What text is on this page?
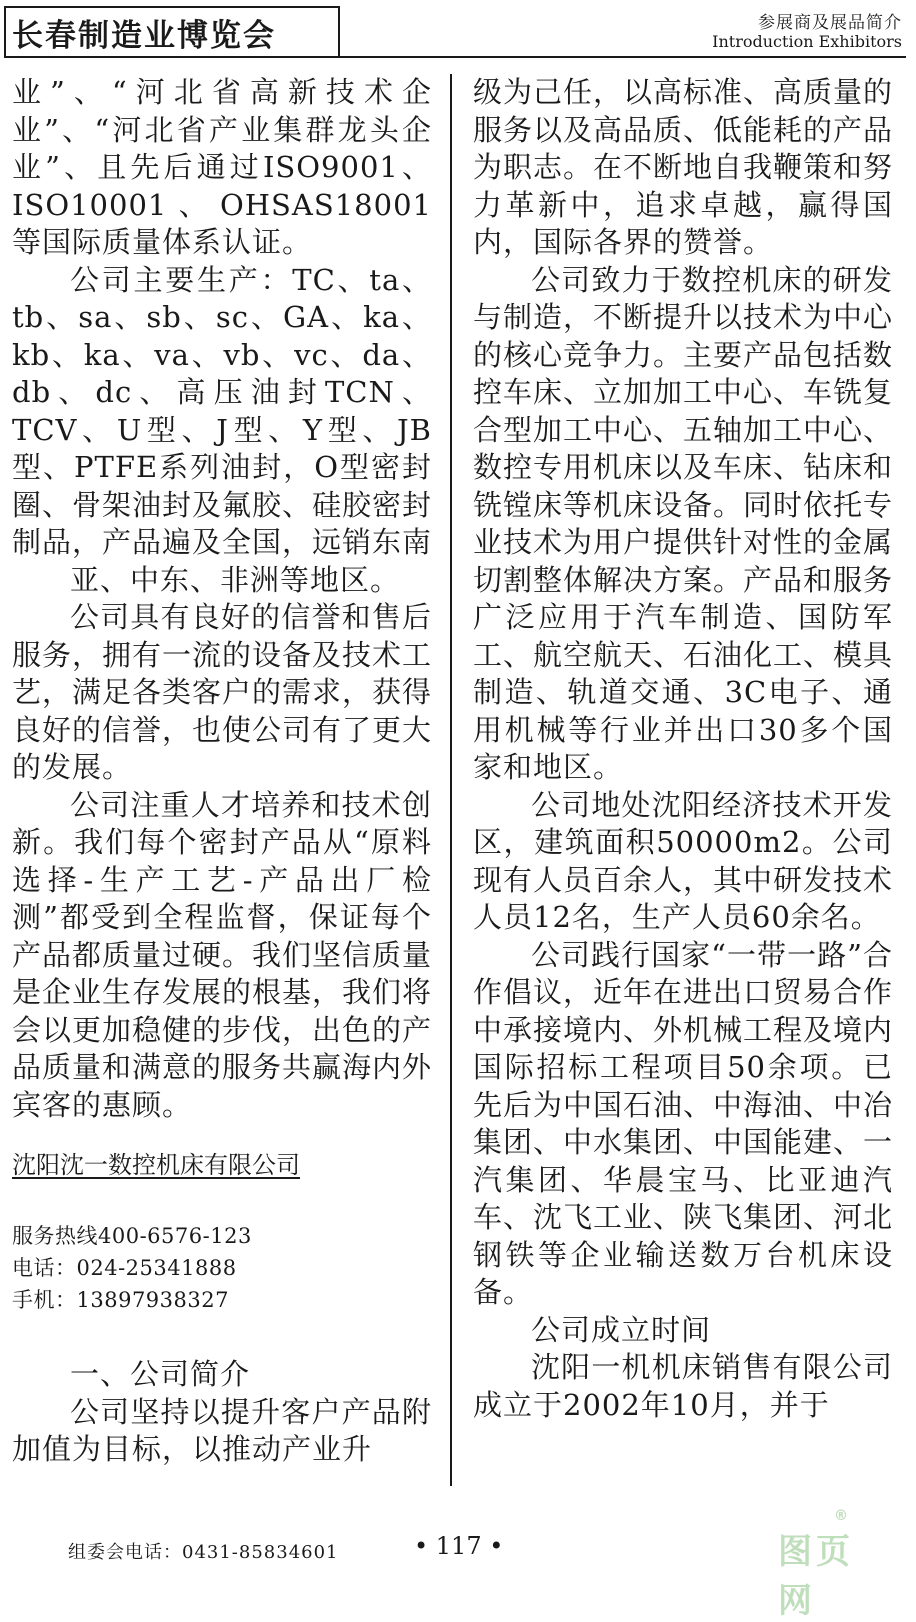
长春制造业博览会	参展商及展品简介
Introduction Exhibitors

业”、“河北省高新技术企业”、“河北省产业集群龙头企业”、且先后通过ISO9001、ISO10001、OHSAS18001等国际质量体系认证。

公司主要生产：TC、ta、tb、sa、sb、sc、GA、ka、kb、ka、va、vb、vc、da、db、dc、高压油封TCN、TCV、U型、J型、Y型、JB型、PTFE系列油封，O型密封圈、骨架油封及氟胶、硅胶密封制品，产品遍及全国，远销东南

亚、中东、非洲等地区。

公司具有良好的信誉和售后服务，拥有一流的设备及技术工艺，满足各类客户的需求，获得良好的信誉，也使公司有了更大的发展。

公司注重人才培养和技术创新。我们每个密封产品从“原料选择-生产工艺-产品出厂检测”都受到全程监督，保证每个产品都质量过硬。我们坚信质量是企业生存发展的根基，我们将会以更加稳健的步伐，出色的产品质量和满意的服务共赢海内外宾客的惠顾。

沈阳沈一数控机床有限公司

服务热线400-6576-123

电话：024-25341888

手机：13897938327

一、公司简介

公司坚持以提升客户产品附加值为目标，以推动产业升

级为己任，以高标准、高质量的服务以及高品质、低能耗的产品为职志。在不断地自我鞭策和努力革新中，追求卓越，赢得国内，国际各界的赞誉。

公司致力于数控机床的研发与制造，不断提升以技术为中心的核心竞争力。主要产品包括数控车床、立加加工中心、车铣复合型加工中心、五轴加工中心、数控专用机床以及车床、钻床和铣镗床等机床设备。同时依托专业技术为用户提供针对性的金属切割整体解决方案。产品和服务广泛应用于汽车制造、国防军工、航空航天、石油化工、模具制造、轨道交通、3C电子、通用机械等行业并出口30多个国家和地区。

公司地处沈阳经济技术开发区，建筑面积50000m2。公司现有人员百余人，其中研发技术人员12名，生产人员60余名。

公司践行国家“一带一路”合作倡议，近年在进出口贸易合作中承接境内、外机械工程及境内国际招标工程项目50余项。已先后为中国石油、中海油、中冶集团、中水集团、中国能建、一汽集团、华晨宝马、比亚迪汽车、沈飞工业、陕飞集团、河北钢铁等企业输送数万台机床设备。

公司成立时间

沈阳一机机床销售有限公司成立于2002年10月，并于

组委会电话：0431-85834601	• 117 •	图页网
®
